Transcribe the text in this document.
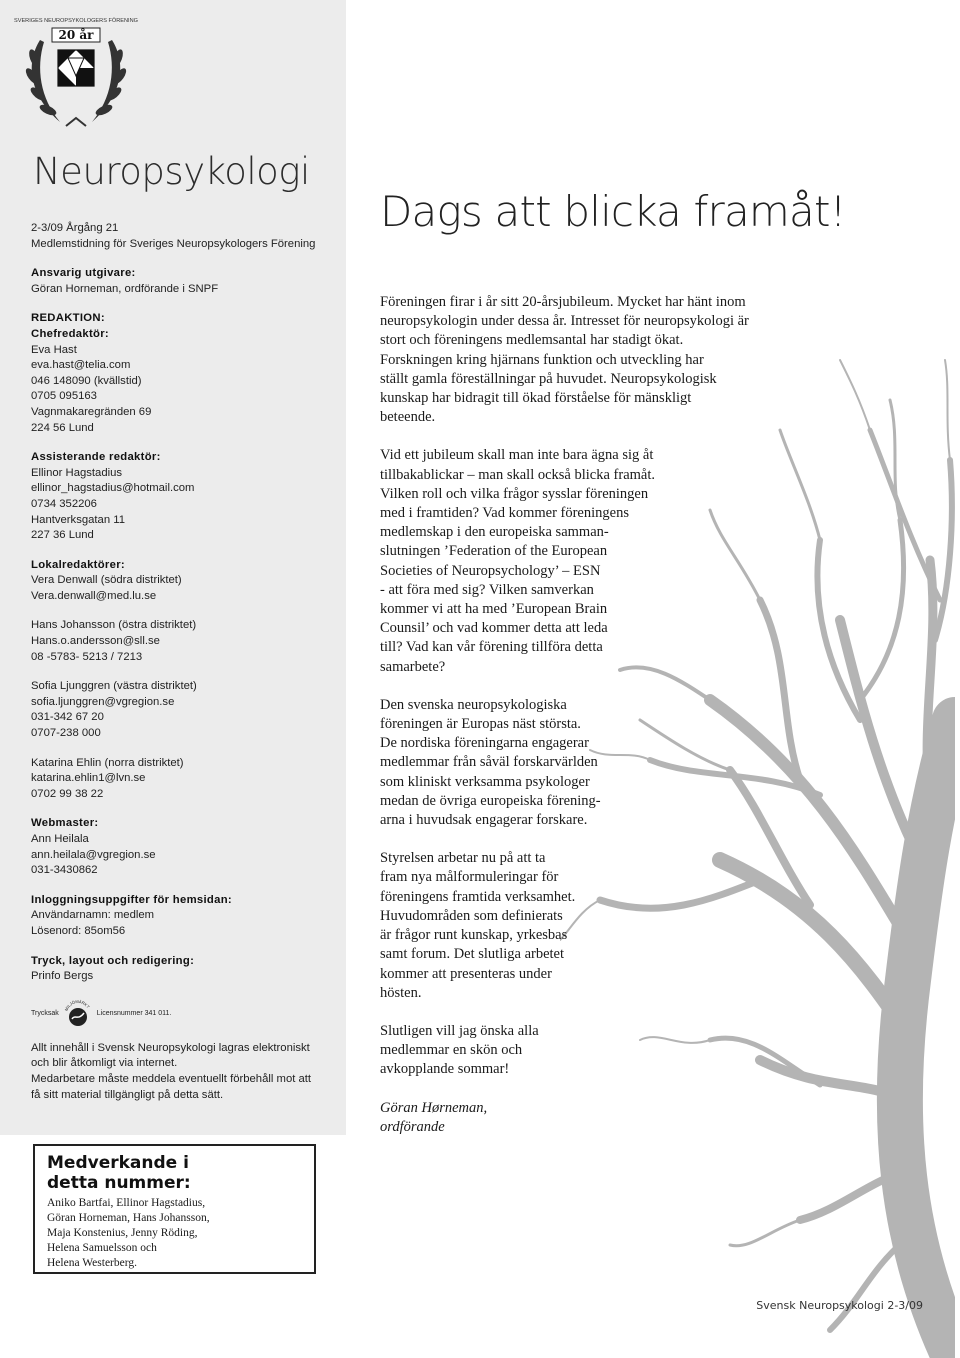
SVERIGES NEUROPSYKOLOGERS FÖRENING
20 år
Neuropsykologi
2-3/09 Årgång 21
Medlemstidning för Sveriges Neuropsykologers Förening
Ansvarig utgivare:
Göran Horneman, ordförande i SNPF
REDAKTION:
Chefredaktör:
Eva Hast
eva.hast@telia.com
046 148090 (kvällstid)
0705 095163
Vagnmakaregränden 69
224 56 Lund
Assisterande redaktör:
Ellinor Hagstadius
ellinor_hagstadius@hotmail.com
0734 352206
Hantverksgatan 11
227 36 Lund
Lokalredaktörer:
Vera Denwall (södra distriktet)
Vera.denwall@med.lu.se
Hans Johansson (östra distriktet)
Hans.o.andersson@sll.se
08 -5783- 5213 / 7213
Sofia Ljunggren (västra distriktet)
sofia.ljunggren@vgregion.se
031-342 67 20
0707-238 000
Katarina Ehlin (norra distriktet)
katarina.ehlin1@lvn.se
0702 99 38 22
Webmaster:
Ann Heilala
ann.heilala@vgregion.se
031-3430862
Inloggningsuppgifter för hemsidan:
Användarnamn: medlem
Lösenord: 85om56
Tryck, layout och redigering:
Prinfo Bergs
Trycksak
MILJÖMÄRKT
Licensnummer 341 011.
Allt innehåll i Svensk Neuropsykologi lagras elektroniskt
och blir åtkomligt via internet.
Medarbetare måste meddela eventuellt förbehåll mot att
få sitt material tillgängligt på detta sätt.
Dags att blicka framåt!

Föreningen firar i år sitt 20-årsjubileum. Mycket har hänt inom
neuropsykologin under dessa år. Intresset för neuropsykologi är
stort och föreningens medlemsantal har stadigt ökat.
Forskningen kring hjärnans funktion och utveckling har
ställt gamla föreställningar på huvudet. Neuropsykologisk
kunskap har bidragit till ökad förståelse för mänskligt
beteende.

Vid ett jubileum skall man inte bara ägna sig åt
tillbakablickar – man skall också blicka framåt.
Vilken roll och vilka frågor sysslar föreningen
med i framtiden? Vad kommer föreningens
medlemskap i den europeiska samman-
slutningen ’Federation of the European
Societies of Neuropsychology’ – ESN
- att föra med sig? Vilken samverkan
kommer vi att ha med ’European Brain
Counsil’ och vad kommer detta att leda
till? Vad kan vår förening tillföra detta
samarbete?

Den svenska neuropsykologiska
föreningen är Europas näst största.
De nordiska föreningarna engagerar
medlemmar från såväl forskarvärlden
som kliniskt verksamma psykologer
medan de övriga europeiska förening-
arna i huvudsak engagerar forskare.

Styrelsen arbetar nu på att ta
fram nya målformuleringar för
föreningens framtida verksamhet.
Huvudområden som definierats
är frågor runt kunskap, yrkesbas
samt forum. Det slutliga arbetet
kommer att presenteras under
hösten.

Slutligen vill jag önska alla
medlemmar en skön och
avkopplande sommar!

Göran Hørneman,
ordförande

Medverkande i
detta nummer:
Aniko Bartfai, Ellinor Hagstadius,
Göran Horneman, Hans Johansson,
Maja Konstenius, Jenny Röding,
Helena Samuelsson och
Helena Westerberg.

Svensk Neuropsykologi 2-3/09
